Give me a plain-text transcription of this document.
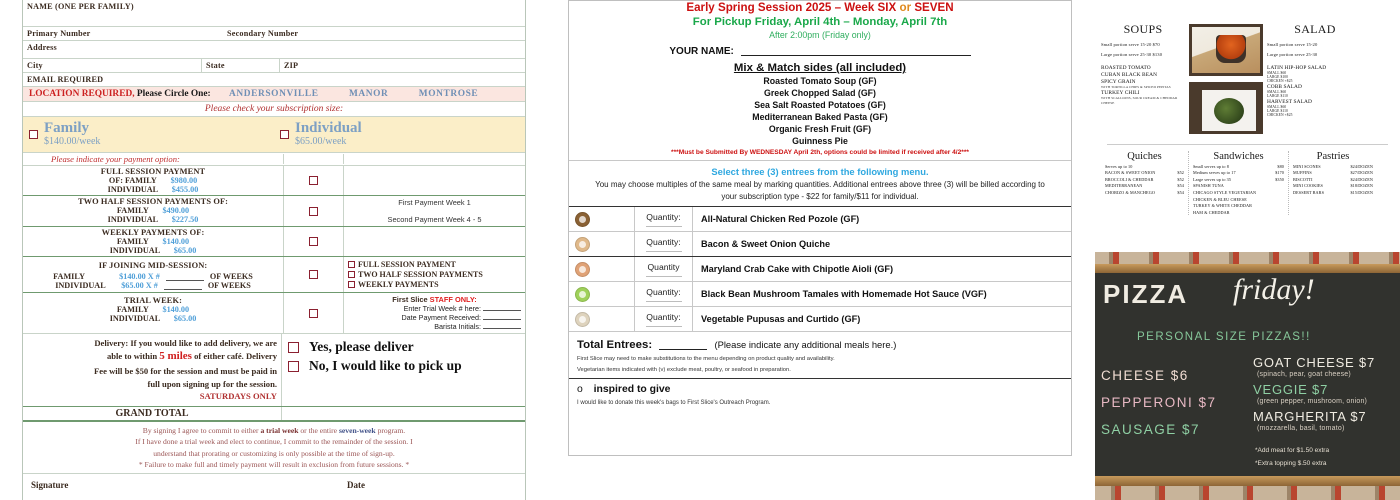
NAME (ONE PER FAMILY)
Primary Number	Secondary Number
Address
City	State	ZIP
EMAIL REQUIRED
LOCATION REQUIRED, Please Circle One: ANDERSONVILLE	MANOR	MONTROSE
Please check your subscription size:
Family
$140.00/week
Individual
$65.00/week
Please indicate your payment option:
FULL SESSION PAYMENT
OF: FAMILY $980.00
INDIVIDUAL $455.00
TWO HALF SESSION PAYMENTS OF:
FAMILY $490.00
INDIVIDUAL $227.50
First Payment Week 1
Second Payment Week 4 - 5
WEEKLY PAYMENTS OF:
FAMILY $140.00
INDIVIDUAL $65.00
IF JOINING MID-SESSION:
FAMILY	$140.00 X #	OF WEEKS
INDIVIDUAL	$65.00 X #	OF WEEKS
FULL SESSION PAYMENT
TWO HALF SESSION PAYMENTS
WEEKLY PAYMENTS
TRIAL WEEK:
FAMILY $140.00
INDIVIDUAL $65.00
First Slice STAFF ONLY:
Enter Trial Week # here:
Date Payment Received:
Barista Initials:
Delivery: If you would like to add delivery, we are
able to within 5 miles of either café. Delivery
Fee will be $50 for the session and must be paid in
full upon signing up for the session.
SATURDAYS ONLY
Yes, please deliver
No, I would like to pick up
GRAND TOTAL
By signing I agree to commit to either a trial week or the entire seven-week program.
If I have done a trial week and elect to continue, I commit to the remainder of the session. I
understand that prorating or customizing is only possible at the time of sign-up.
* Failure to make full and timely payment will result in exclusion from future sessions. *
Signature	Date
Early Spring Session 2025 – Week SIX or SEVEN
For Pickup Friday, April 4th – Monday, April 7th
After 2:00pm (Friday only)
YOUR NAME:
Mix & Match sides (all included)
Roasted Tomato Soup (GF)
Greek Chopped Salad (GF)
Sea Salt Roasted Potatoes (GF)
Mediterranean Baked Pasta (GF)
Organic Fresh Fruit (GF)
Guinness Pie
***Must be Submitted By WEDNESDAY April 2th, options could be limited if received after 4/2***
Select three (3) entrees from the following menu.
You may choose multiples of the same meal by marking quantities. Additional entrees above three (3) will be billed according to your subscription type - $22 for family/$11 for individual.
Quantity:	All-Natural Chicken Red Pozole (GF)
Quantity:	Bacon & Sweet Onion Quiche
Quantity	Maryland Crab Cake with Chipotle Aioli (GF)
Quantity:	Black Bean Mushroom Tamales with Homemade Hot Sauce (VGF)
Quantity:	Vegetable Pupusas and Curtido (GF)
Total Entrees:	(Please indicate any additional meals here.)
First Slice may need to make substitutions to the menu depending on product quality and availability.
Vegetarian items indicated with (v) exclude meat, poultry, or seafood in preparation.
o inspired to give
I would like to donate this week's bags to First Slice's Outreach Program.
SOUPS
Small portion serve 15-20 $70
Large portion serve 25-30 $130
ROASTED TOMATO
CUBAN BLACK BEAN
SPICY GRAIN
WITH TORTILLA CHIPS & SPICED PEPITAS
TURKEY CHILI
WITH SCALLIONS, SOUR CREAM & CHEDDAR CHEESE
SALAD
Small portion serve 15-20
Large portion serve 25-30
LATIN HIP-HOP SALAD
SMALL $60
LARGE $100
CHICKEN +$25
COBB SALAD
SMALL $60
LARGE $110
HARVEST SALAD
SMALL $60
LARGE $110
CHICKEN +$25
Quiches
Serves up to 10
BACON & SWEET ONION	$52
BROCCOLI & CHEDDAR	$52
MEDITERRANEAN	$54
CHORIZO & MANCHEGO	$54
Sandwiches
Small serves up to 8	$80
Medium serves up to 17	$170
Large serves up to 35	$350
SPANISH TUNA
CHICAGO STYLE VEGETARIAN
CHICKEN & BLEU CHEESE
TURKEY & WHITE CHEDDAR
HAM & CHEDDAR
Pastries
MINI SCONES	$24/DOZEN
MUFFINS	$27/DOZEN
BISCOTTI	$24/DOZEN
MINI COOKIES	$18/DOZEN
DESSERT BARS	$15/DOZEN
PIZZA friday!
PERSONAL SIZE PIZZAS!!
CHEESE $6
PEPPERONI $7
SAUSAGE $7
GOAT CHEESE $7
(spinach, pear, goat cheese)
VEGGIE $7
(green pepper, mushroom, onion)
MARGHERITA $7
(mozzarella, basil, tomato)
*Add meat for $1.50 extra
*Extra topping $.50 extra
